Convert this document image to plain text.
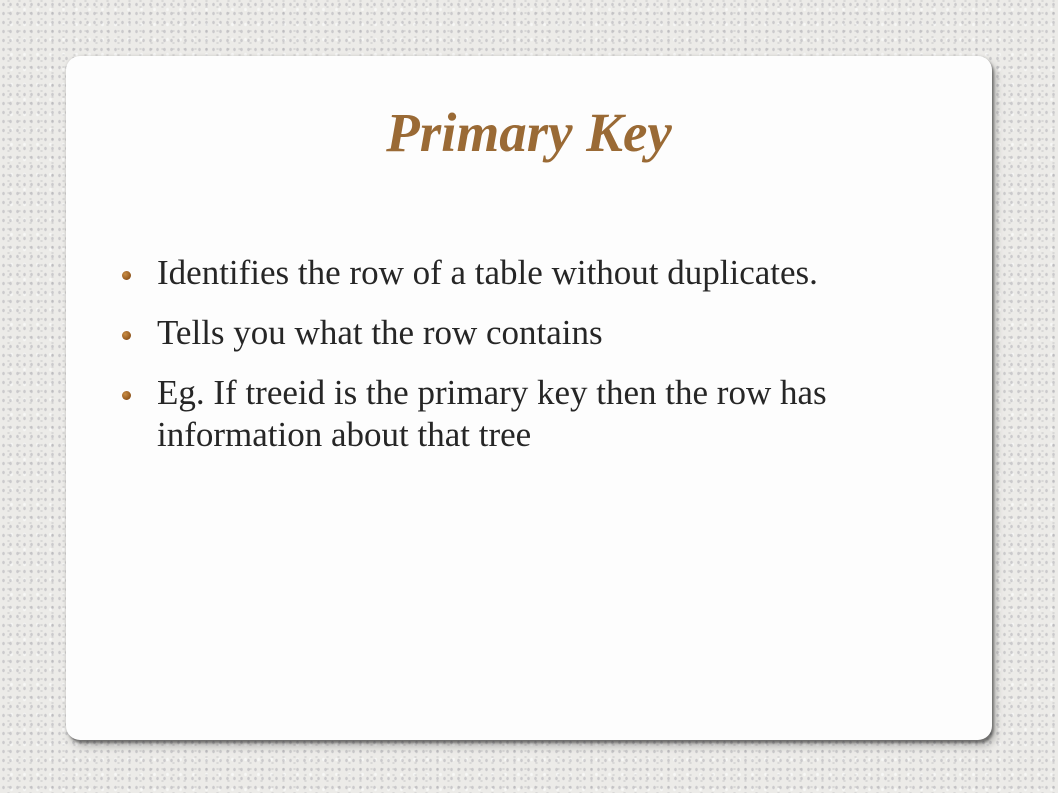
Primary Key
Identifies the row of a table without duplicates.
Tells you what the row contains
Eg. If treeid is the primary key then the row has information about that tree
